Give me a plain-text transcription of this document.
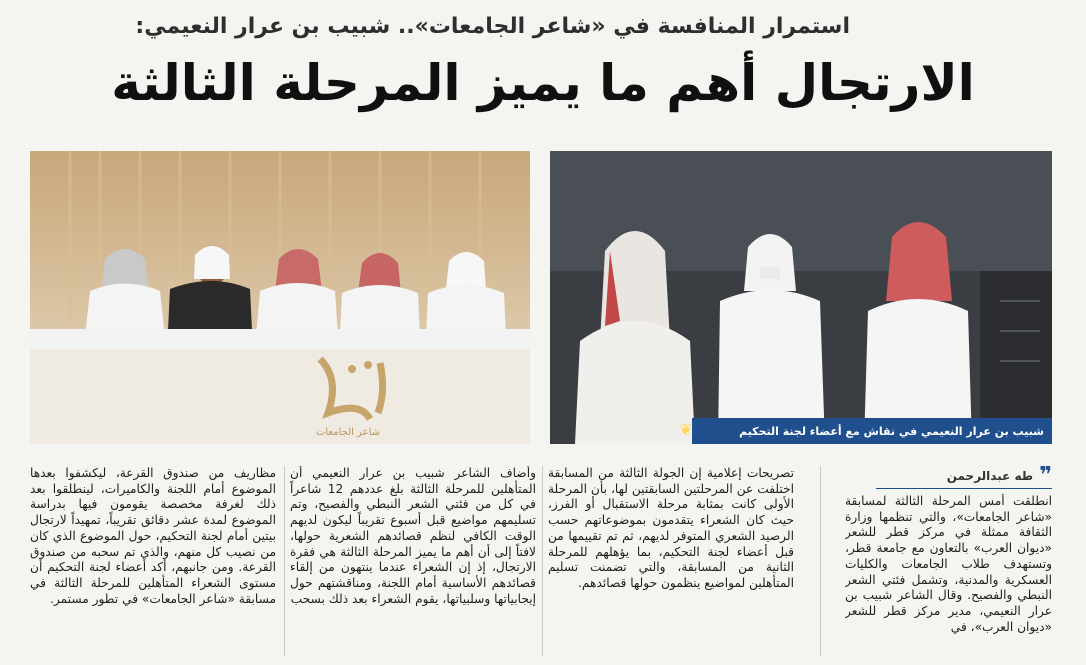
استمرار المنافسة في «شاعر الجامعات».. شبيب بن عرار النعيمي:
الارتجال أهم ما يميز المرحلة الثالثة
شاعر الجامعات	شبيب بن عرار النعيمي في نقاش مع أعضاء لجنة التحكيم
❦
❞
طه عبدالرحمن
انطلقت أمس المرحلة الثالثة لمسابقة «شاعر الجامعات»، والتي تنظمها وزارة الثقافة ممثلة في مركز قطر للشعر «ديوان العرب» بالتعاون مع جامعة قطر، وتستهدف طلاب الجامعات والكليات العسكرية والمدنية، وتشمل فئتي الشعر النبطي والفصيح. وقال الشاعر شبيب بن عرار النعيمي، مدير مركز قطر للشعر «ديوان العرب»، في
تصريحات إعلامية إن الجولة الثالثة من المسابقة اختلفت عن المرحلتين السابقتين لها، بأن المرحلة الأولى كانت بمثابة مرحلة الاستقبال أو الفرز، حيث كان الشعراء يتقدمون بموضوعاتهم حسب الرصيد الشعري المتوفر لديهم، ثم تم تقييمها من قبل أعضاء لجنة التحكيم، بما يؤهلهم للمرحلة الثانية من المسابقة، والتي تضمنت تسليم المتأهلين لمواضيع ينظمون حولها قصائدهم.
وأضاف الشاعر شبيب بن عرار النعيمي أن المتأهلين للمرحلة الثالثة بلغ عددهم 12 شاعراً في كل من فئتي الشعر النبطي والفصيح، وتم تسليمهم مواضيع قبل أسبوع تقريباً ليكون لديهم الوقت الكافي لنظم قصائدهم الشعرية حولها، لافتاً إلى أن أهم ما يميز المرحلة الثالثة هي فقرة الارتجال، إذ إن الشعراء عندما ينتهون من إلقاء قصائدهم الأساسية أمام اللجنة، ومناقشتهم حول إيجابياتها وسلبياتها، يقوم الشعراء بعد ذلك بسحب
مظاريف من صندوق القرعة، ليكشفوا بعدها الموضوع أمام اللجنة والكاميرات، لينطلقوا بعد ذلك لغرفة مخصصة يقومون فيها بدراسة الموضوع لمدة عشر دقائق تقريباً، تمهيداً لارتجال بيتين أمام لجنة التحكيم، حول الموضوع الذي كان من نصيب كل منهم، والذي تم سحبه من صندوق القرعة. ومن جانبهم، أكد أعضاء لجنة التحكيم أن مستوى الشعراء المتأهلين للمرحلة الثالثة في مسابقة «شاعر الجامعات» في تطور مستمر.
